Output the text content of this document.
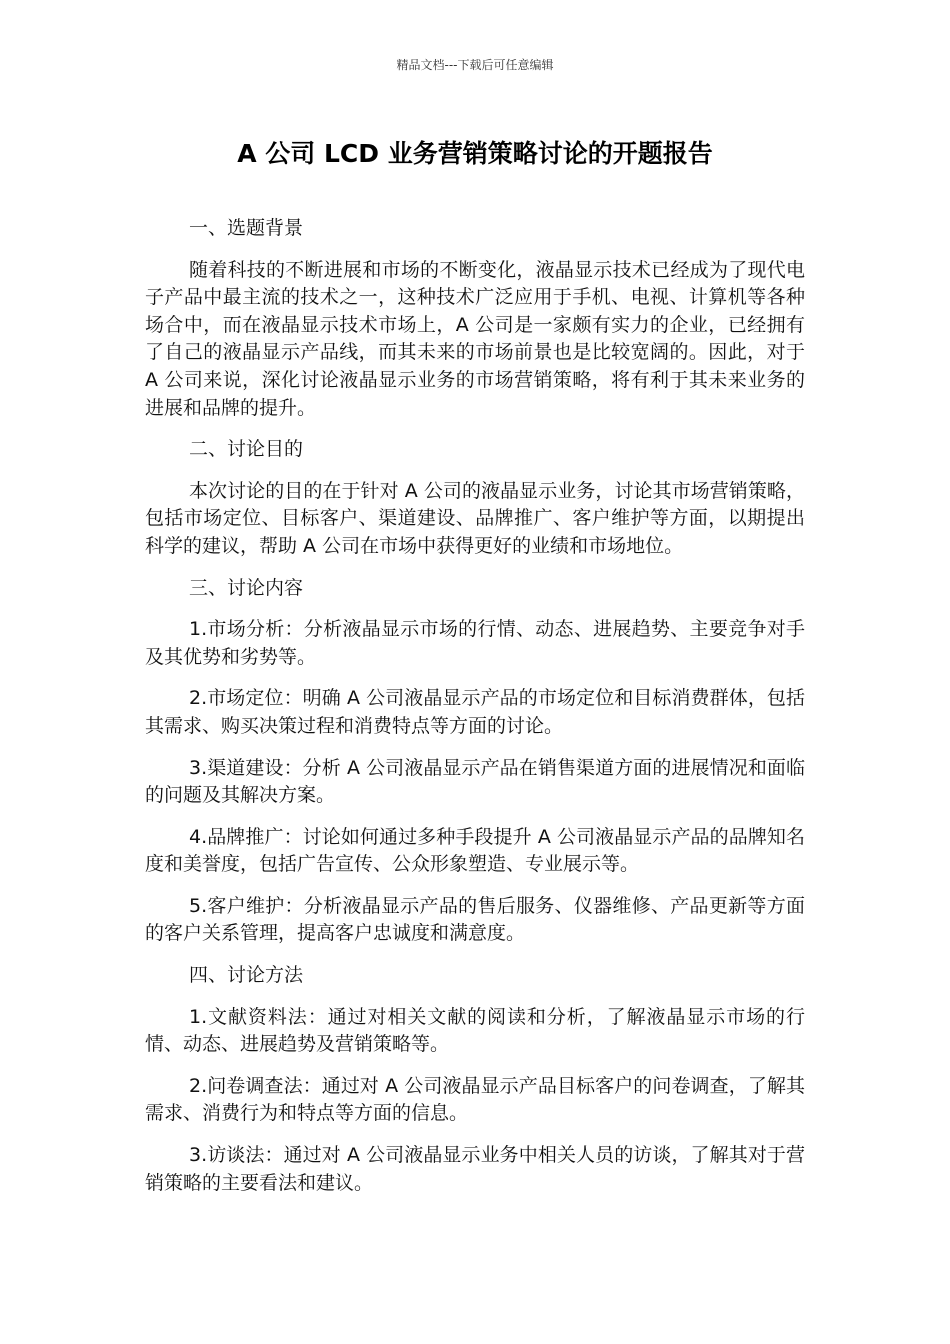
精品文档---下载后可任意编辑
A 公司 LCD 业务营销策略讨论的开题报告

一、选题背景

随着科技的不断进展和市场的不断变化，液晶显示技术已经成为了现代电子产品中最主流的技术之一，这种技术广泛应用于手机、电视、计算机等各种场合中，而在液晶显示技术市场上，A 公司是一家颇有实力的企业，已经拥有了自己的液晶显示产品线，而其未来的市场前景也是比较宽阔的。因此，对于 A 公司来说，深化讨论液晶显示业务的市场营销策略，将有利于其未来业务的进展和品牌的提升。

二、讨论目的

本次讨论的目的在于针对 A 公司的液晶显示业务，讨论其市场营销策略，包括市场定位、目标客户、渠道建设、品牌推广、客户维护等方面，以期提出科学的建议，帮助 A 公司在市场中获得更好的业绩和市场地位。

三、讨论内容

1.市场分析：分析液晶显示市场的行情、动态、进展趋势、主要竞争对手及其优势和劣势等。

2.市场定位：明确 A 公司液晶显示产品的市场定位和目标消费群体，包括其需求、购买决策过程和消费特点等方面的讨论。

3.渠道建设：分析 A 公司液晶显示产品在销售渠道方面的进展情况和面临的问题及其解决方案。

4.品牌推广：讨论如何通过多种手段提升 A 公司液晶显示产品的品牌知名度和美誉度，包括广告宣传、公众形象塑造、专业展示等。

5.客户维护：分析液晶显示产品的售后服务、仪器维修、产品更新等方面的客户关系管理，提高客户忠诚度和满意度。

四、讨论方法

1.文献资料法：通过对相关文献的阅读和分析，了解液晶显示市场的行情、动态、进展趋势及营销策略等。

2.问卷调查法：通过对 A 公司液晶显示产品目标客户的问卷调查，了解其需求、消费行为和特点等方面的信息。

3.访谈法：通过对 A 公司液晶显示业务中相关人员的访谈，了解其对于营销策略的主要看法和建议。
